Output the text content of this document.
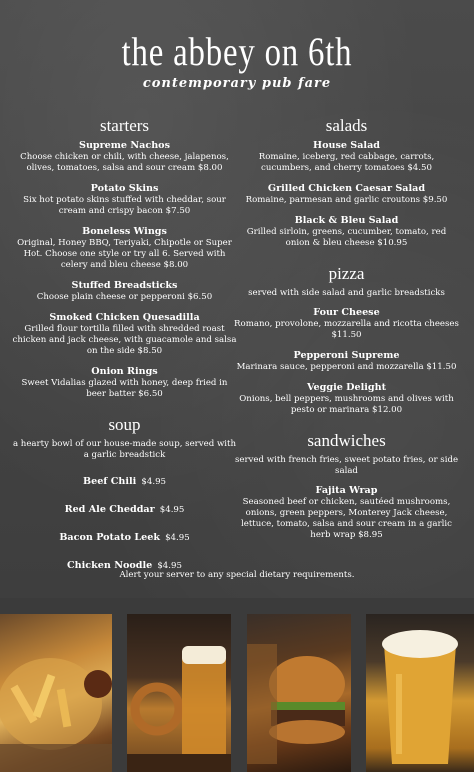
the abbey on 6th
contemporary pub fare
starters
Supreme Nachos
Choose chicken or chili, with cheese, jalapenos, olives, tomatoes, salsa and sour cream $8.00
Potato Skins
Six hot potato skins stuffed with cheddar, sour cream and crispy bacon $7.50
Boneless Wings
Original, Honey BBQ, Teriyaki, Chipotle or Super Hot. Choose one style or try all 6. Served with celery and bleu cheese $8.00
Stuffed Breadsticks
Choose plain cheese or pepperoni $6.50
Smoked Chicken Quesadilla
Grilled flour tortilla filled with shredded roast chicken and jack cheese, with guacamole and salsa on the side $8.50
Onion Rings
Sweet Vidalias glazed with honey, deep fried in beer batter $6.50
soup
a hearty bowl of our house-made soup, served with a garlic breadstick
Beef Chili $4.95
Red Ale Cheddar $4.95
Bacon Potato Leek $4.95
Chicken Noodle $4.95
salads
House Salad
Romaine, iceberg, red cabbage, carrots, cucumbers, and cherry tomatoes $4.50
Grilled Chicken Caesar Salad
Romaine, parmesan and garlic croutons $9.50
Black & Bleu Salad
Grilled sirloin, greens, cucumber, tomato, red onion & bleu cheese $10.95
pizza
served with side salad and garlic breadsticks
Four Cheese
Romano, provolone, mozzarella and ricotta cheeses $11.50
Pepperoni Supreme
Marinara sauce, pepperoni and mozzarella $11.50
Veggie Delight
Onions, bell peppers, mushrooms and olives with pesto or marinara $12.00
sandwiches
served with french fries, sweet potato fries, or side salad
Fajita Wrap
Seasoned beef or chicken, sautéed mushrooms, onions, green peppers, Monterey Jack cheese, lettuce, tomato, salsa and sour cream in a garlic herb wrap $8.95
Alert your server to any special dietary requirements.
